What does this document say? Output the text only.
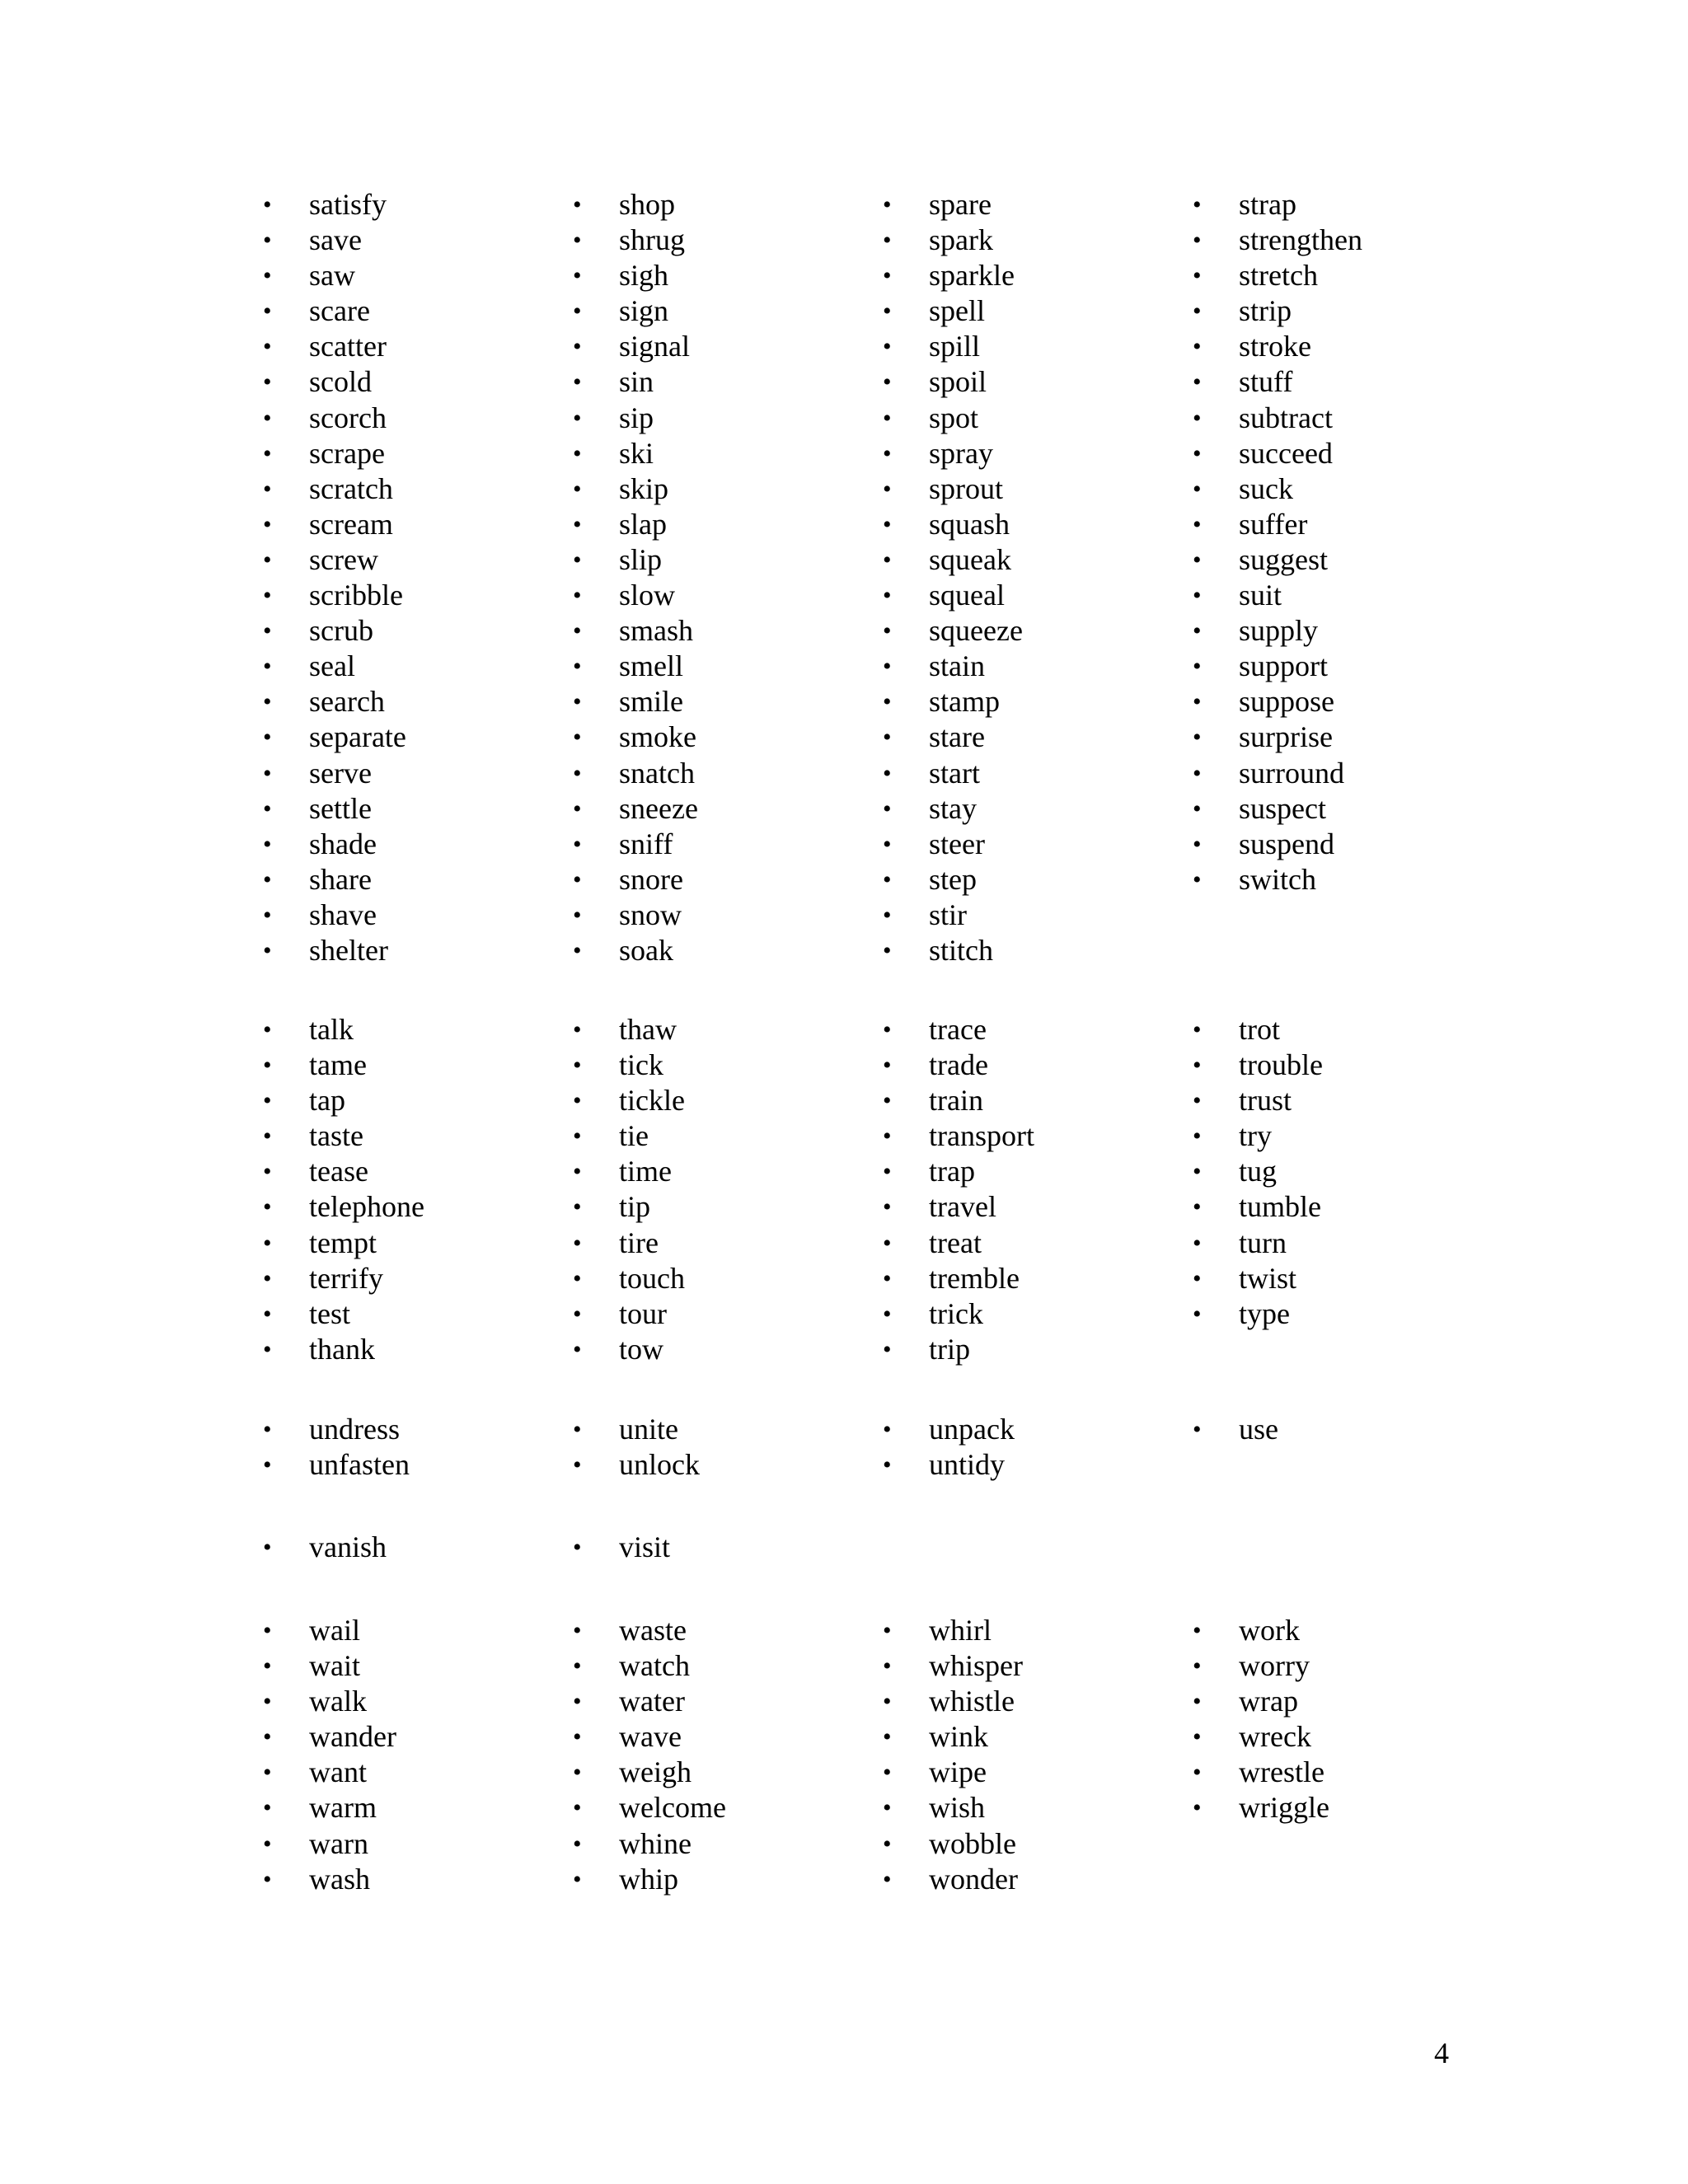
• satisfy
• save
• saw
• scare
• scatter
• scold
• scorch
• scrape
• scratch
• scream
• screw
• scribble
• scrub
• seal
• search
• separate
• serve
• settle
• shade
• share
• shave
• shelter
• shop
• shrug
• sigh
• sign
• signal
• sin
• sip
• ski
• skip
• slap
• slip
• slow
• smash
• smell
• smile
• smoke
• snatch
• sneeze
• sniff
• snore
• snow
• soak
• spare
• spark
• sparkle
• spell
• spill
• spoil
• spot
• spray
• sprout
• squash
• squeak
• squeal
• squeeze
• stain
• stamp
• stare
• start
• stay
• steer
• step
• stir
• stitch
• strap
• strengthen
• stretch
• strip
• stroke
• stuff
• subtract
• succeed
• suck
• suffer
• suggest
• suit
• supply
• support
• suppose
• surprise
• surround
• suspect
• suspend
• switch
• talk
• tame
• tap
• taste
• tease
• telephone
• tempt
• terrify
• test
• thank
• thaw
• tick
• tickle
• tie
• time
• tip
• tire
• touch
• tour
• tow
• trace
• trade
• train
• transport
• trap
• travel
• treat
• tremble
• trick
• trip
• trot
• trouble
• trust
• try
• tug
• tumble
• turn
• twist
• type
• undress
• unfasten
• unite
• unlock
• unpack
• untidy
• use
• vanish	• visit
• wail
• wait
• walk
• wander
• want
• warm
• warn
• wash
• waste
• watch
• water
• wave
• weigh
• welcome
• whine
• whip
• whirl
• whisper
• whistle
• wink
• wipe
• wish
• wobble
• wonder
• work
• worry
• wrap
• wreck
• wrestle
• wriggle
4
